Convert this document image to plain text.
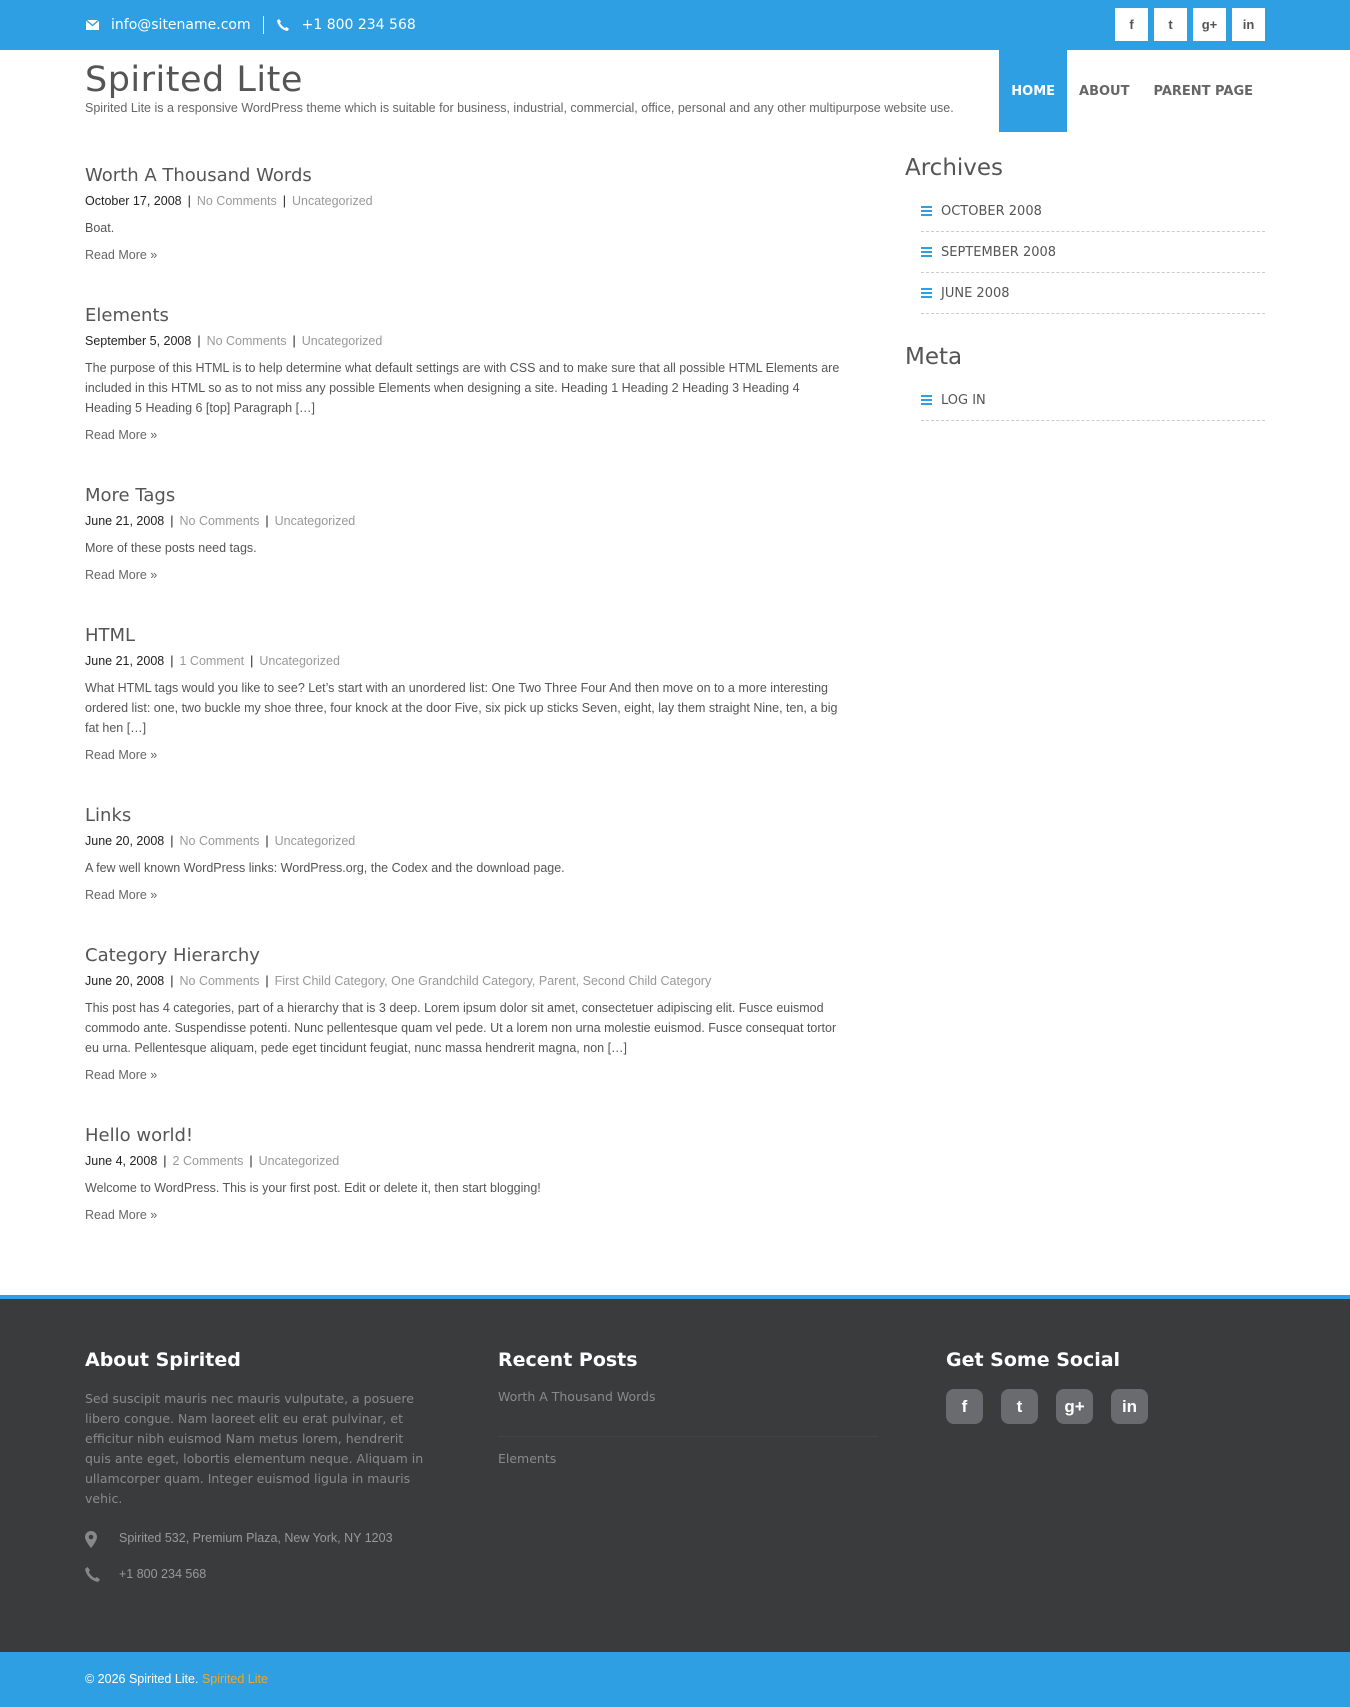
info@sitename.com	+1 800 234 568	f	t	g+	in
Spirited Lite
Spirited Lite is a responsive WordPress theme which is suitable for business, industrial, commercial, office, personal and any other multipurpose website use.
HOME	ABOUT	PARENT PAGE
Worth A Thousand Words
October 17, 2008 | No Comments | Uncategorized
Boat.
Read More »
Elements
September 5, 2008 | No Comments | Uncategorized
The purpose of this HTML is to help determine what default settings are with CSS and to make sure that all possible HTML Elements are included in this HTML so as to not miss any possible Elements when designing a site. Heading 1 Heading 2 Heading 3 Heading 4 Heading 5 Heading 6 [top] Paragraph […]
Read More »
More Tags
June 21, 2008 | No Comments | Uncategorized
More of these posts need tags.
Read More »
HTML
June 21, 2008 | 1 Comment | Uncategorized
What HTML tags would you like to see? Let’s start with an unordered list: One Two Three Four And then move on to a more interesting ordered list: one, two buckle my shoe three, four knock at the door Five, six pick up sticks Seven, eight, lay them straight Nine, ten, a big fat hen […]
Read More »
Links
June 20, 2008 | No Comments | Uncategorized
A few well known WordPress links: WordPress.org, the Codex and the download page.
Read More »
Category Hierarchy
June 20, 2008 | No Comments | First Child Category, One Grandchild Category, Parent, Second Child Category
This post has 4 categories, part of a hierarchy that is 3 deep. Lorem ipsum dolor sit amet, consectetuer adipiscing elit. Fusce euismod commodo ante. Suspendisse potenti. Nunc pellentesque quam vel pede. Ut a lorem non urna molestie euismod. Fusce consequat tortor eu urna. Pellentesque aliquam, pede eget tincidunt feugiat, nunc massa hendrerit magna, non […]
Read More »
Hello world!
June 4, 2008 | 2 Comments | Uncategorized
Welcome to WordPress. This is your first post. Edit or delete it, then start blogging!
Read More »
Archives
OCTOBER 2008
SEPTEMBER 2008
JUNE 2008
Meta
LOG IN
About Spirited
Sed suscipit mauris nec mauris vulputate, a posuere libero congue. Nam laoreet elit eu erat pulvinar, et efficitur nibh euismod Nam metus lorem, hendrerit quis ante eget, lobortis elementum neque. Aliquam in ullamcorper quam. Integer euismod ligula in mauris vehic.
Spirited 532, Premium Plaza, New York, NY 1203
+1 800 234 568
Recent Posts
Worth A Thousand Words
Elements
Get Some Social
f	t	g+	in
© 2026 Spirited Lite. Spirited Lite
